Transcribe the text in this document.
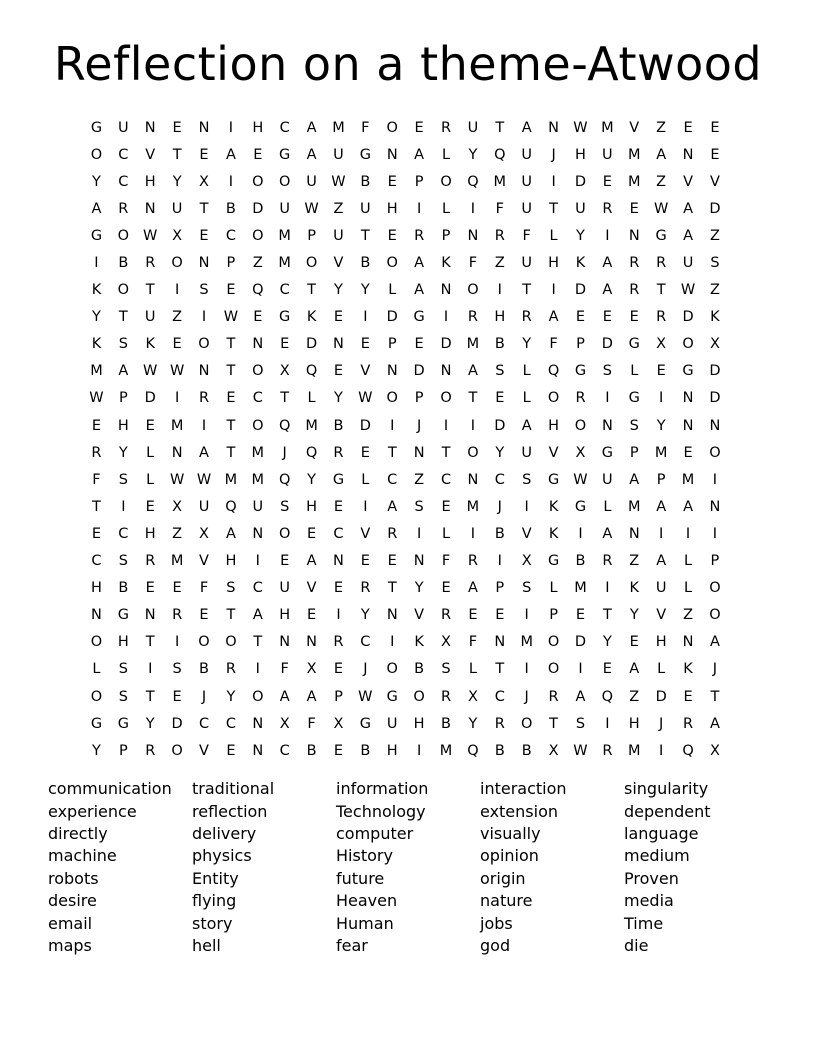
Reflection on a theme-Atwood
G	U	N	E	N	I	H	C	A	M	F	O	E	R	U	T	A	N W M	V	Z	E	E
O	C	V	T	E	A	E	G	A	U	G	N	A	L	Y	Q	U	J	H	U	M	A	N	E
Y	C	H	Y	X	I	O	O	U W	B	E	P	O	Q	M	U	I	D	E	M	Z	V	V
A	R	N	U	T	B	D	U W	Z	U	H	I	L	I	F	U	T	U	R	E	W	A	D
G	O W	X	E	C	O	M	P	U	T	E	R	P	N	R	F	L	Y	I	N	G	A	Z
I	B	R	O	N	P	Z	M	O	V	B	O	A	K	F	Z	U	H	K	A	R	R	U	S
K	O	T	I	S	E	Q	C	T	Y	Y	L	A	N	O	I	T	I	D	A	R	T	W	Z
Y	T	U	Z	I	W	E	G	K	E	I	D	G	I	R	H	R	A	E	E	E	R	D	K
K	S	K	E	O	T	N	E	D	N	E	P	E	D	M	B	Y	F	P	D	G	X	O	X
M	A	W W N	T	O	X	Q	E	V	N	D	N	A	S	L	Q	G	S	L	E	G	D
W	P	D	I	R	E	C	T	L	Y	W O	P	O	T	E	L	O	R	I	G	I	N	D
E	H	E	M	I	T	O	Q	M	B	D	I	J	I	I	D	A	H	O	N	S	Y	N	N
R	Y	L	N	A	T	M	J	Q	R	E	T	N	T	O	Y	U	V	X	G	P	M	E	O
F	S	L	W W M M	Q	Y	G	L	C	Z	C	N	C	S	G W U	A	P	M	I
T	I	E	X	U	Q	U	S	H	E	I	A	S	E	M	J	I	K	G	L	M	A	A	N
E	C	H	Z	X	A	N	O	E	C	V	R	I	L	I	B	V	K	I	A	N	I	I	I
C	S	R	M	V	H	I	E	A	N	E	E	N	F	R	I	X	G	B	R	Z	A	L	P
H	B	E	E	F	S	C	U	V	E	R	T	Y	E	A	P	S	L	M	I	K	U	L	O
N	G	N	R	E	T	A	H	E	I	Y	N	V	R	E	E	I	P	E	T	Y	V	Z	O
O	H	T	I	O	O	T	N	N	R	C	I	K	X	F	N	M	O	D	Y	E	H	N	A
L	S	I	S	B	R	I	F	X	E	J	O	B	S	L	T	I	O	I	E	A	L	K	J
O	S	T	E	J	Y	O	A	A	P	W G	O	R	X	C	J	R	A	Q	Z	D	E	T
G	G	Y	D	C	C	N	X	F	X	G	U	H	B	Y	R	O	T	S	I	H	J	R	A
Y	P	R	O	V	E	N	C	B	E	B	H	I	M	Q	B	B	X	W	R	M	I	Q	X
communication	traditional	information	interaction	singularity
experience	reflection	Technology	extension	dependent
directly	delivery	computer	visually	language
machine	physics	History	opinion	medium
robots	Entity	future	origin	Proven
desire	flying	Heaven	nature	media
email	story	Human	jobs	Time
maps	hell	fear	god	die
